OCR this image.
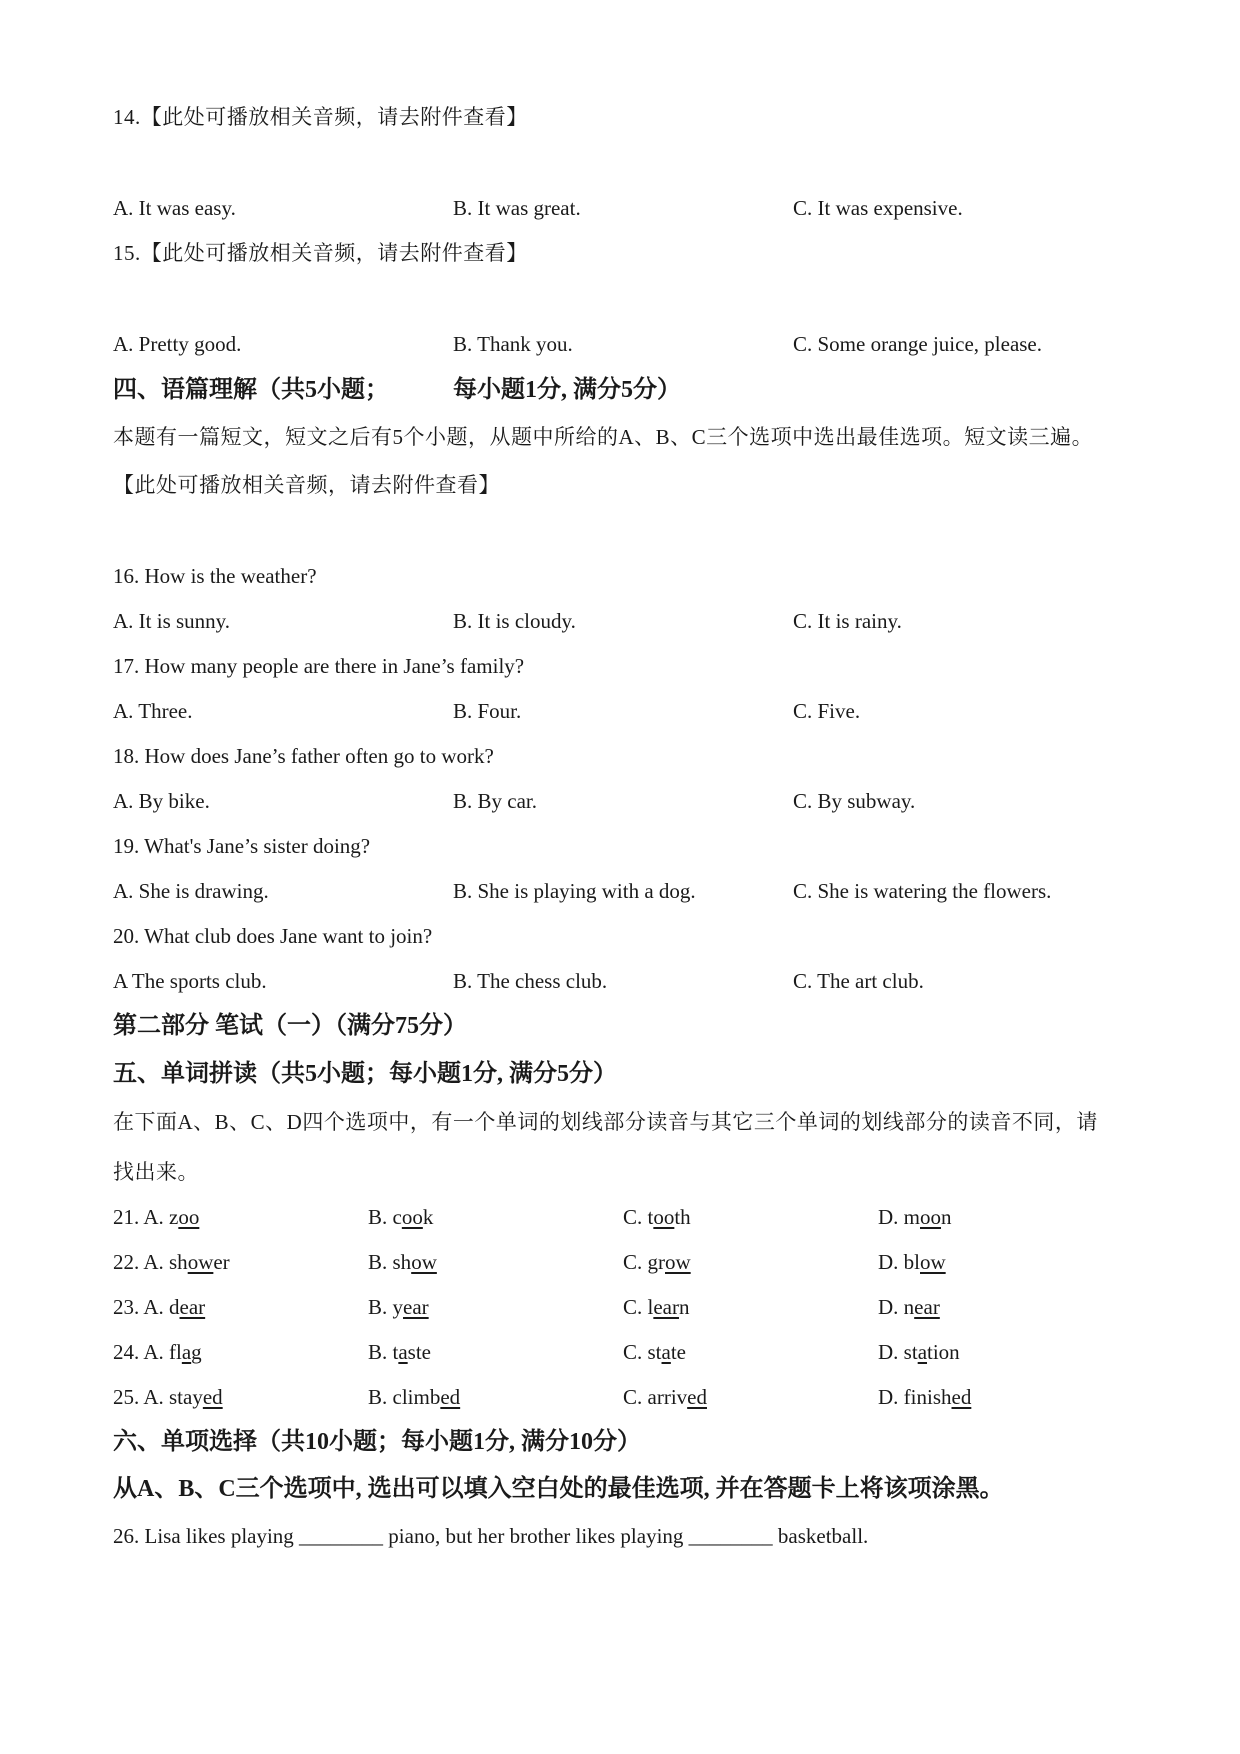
14.【此处可播放相关音频，请去附件查看】
A. It was easy.	B. It was great.	C. It was expensive.
15.【此处可播放相关音频，请去附件查看】
A. Pretty good.	B. Thank you.	C. Some orange juice, please.
四、语篇理解（共5小题；	每小题1分, 满分5分）
本题有一篇短文，短文之后有5个小题，从题中所给的A、B、C三个选项中选出最佳选项。短文读三遍。
【此处可播放相关音频，请去附件查看】
16. How is the weather?
A. It is sunny.	B. It is cloudy.	C. It is rainy.
17. How many people are there in Jane’s family?
A. Three.	B. Four.	C. Five.
18. How does Jane’s father often go to work?
A. By bike.	B. By car.	C. By subway.
19. What's Jane’s sister doing?
A. She is drawing.	B. She is playing with a dog.	C. She is watering the flowers.
20. What club does Jane want to join?
A The sports club.	B. The chess club.	C. The art club.
第二部分 笔试（一）（满分75分）
五、单词拼读（共5小题；每小题1分, 满分5分）
在下面A、B、C、D四个选项中，有一个单词的划线部分读音与其它三个单词的划线部分的读音不同，请
找出来。
21. A. zoo	B. cook	C. tooth	D. moon
22. A. shower	B. show	C. grow	D. blow
23. A. dear	B. year	C. learn	D. near
24. A. flag	B. taste	C. state	D. station
25. A. stayed	B. climbed	C. arrived	D. finished
六、单项选择（共10小题；每小题1分, 满分10分）
从A、B、C三个选项中, 选出可以填入空白处的最佳选项, 并在答题卡上将该项涂黑。
26. Lisa likes playing ________ piano, but her brother likes playing ________ basketball.
